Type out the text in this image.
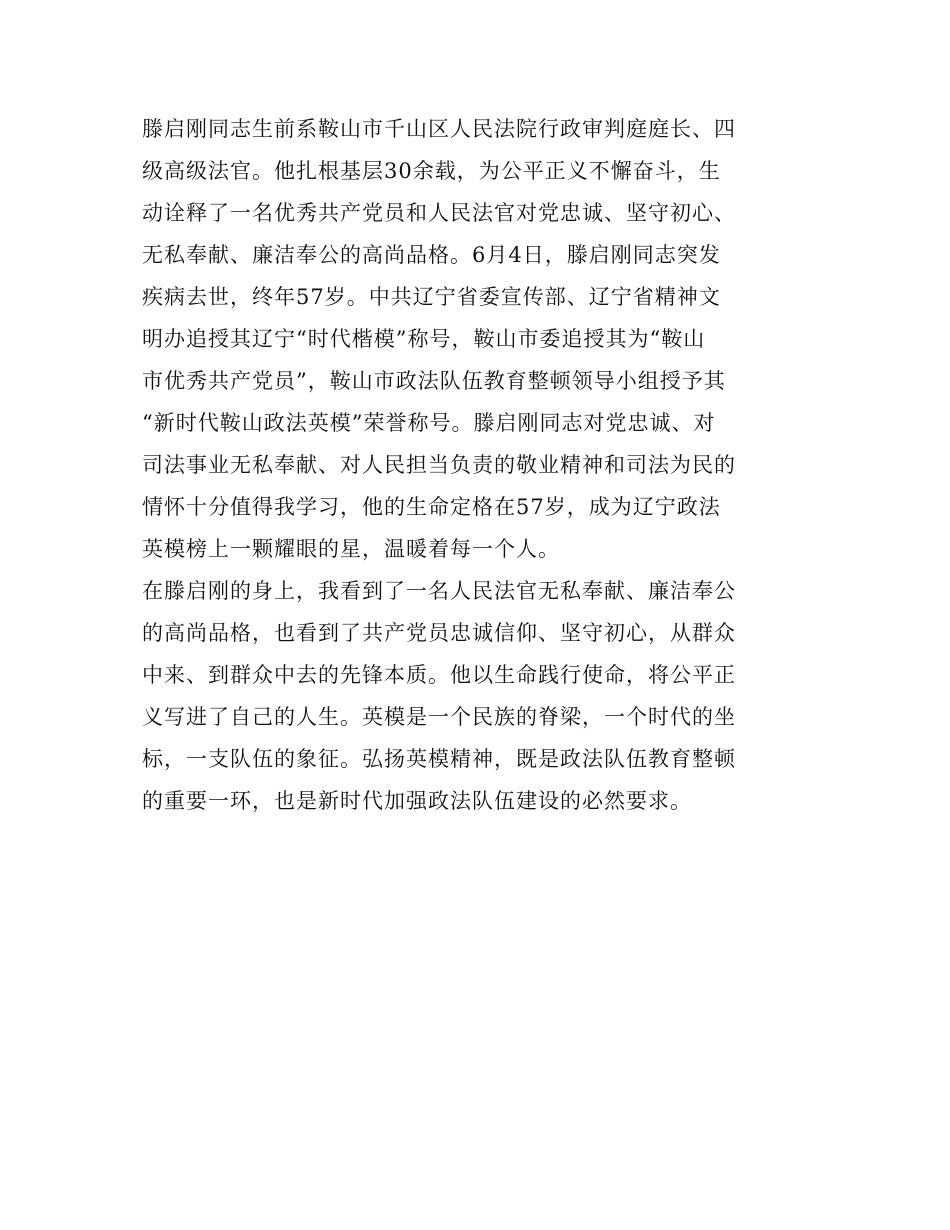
滕启刚同志生前系鞍山市千山区人民法院行政审判庭庭长、四
级高级法官。他扎根基层30余载，为公平正义不懈奋斗，生
动诠释了一名优秀共产党员和人民法官对党忠诚、坚守初心、
无私奉献、廉洁奉公的高尚品格。6月4日，滕启刚同志突发
疾病去世，终年57岁。中共辽宁省委宣传部、辽宁省精神文
明办追授其辽宁“时代楷模”称号，鞍山市委追授其为“鞍山
市优秀共产党员”，鞍山市政法队伍教育整顿领导小组授予其
“新时代鞍山政法英模”荣誉称号。滕启刚同志对党忠诚、对
司法事业无私奉献、对人民担当负责的敬业精神和司法为民的
情怀十分值得我学习，他的生命定格在57岁，成为辽宁政法
英模榜上一颗耀眼的星，温暖着每一个人。
在滕启刚的身上，我看到了一名人民法官无私奉献、廉洁奉公
的高尚品格，也看到了共产党员忠诚信仰、坚守初心，从群众
中来、到群众中去的先锋本质。他以生命践行使命，将公平正
义写进了自己的人生。英模是一个民族的脊梁，一个时代的坐
标，一支队伍的象征。弘扬英模精神，既是政法队伍教育整顿
的重要一环，也是新时代加强政法队伍建设的必然要求。
